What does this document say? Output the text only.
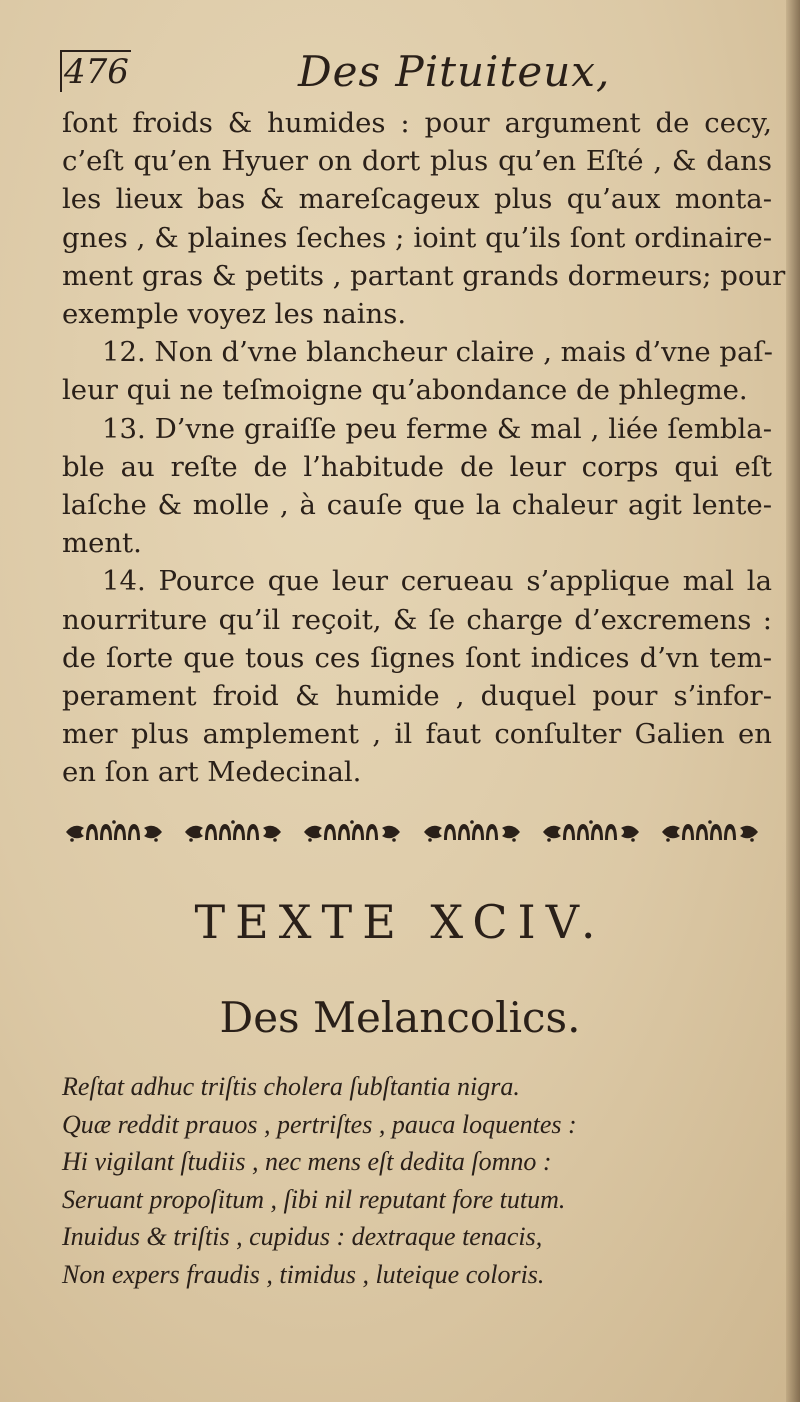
476	Des Pituiteux,
ſont froids & humides : pour argument de cecy,
c’eſt qu’en Hyuer on dort plus qu’en Eſté , & dans
les lieux bas & mareſcageux plus qu’aux monta-
gnes , & plaines ſeches ; ioint qu’ils ſont ordinaire-
ment gras & petits , partant grands dormeurs; pour
exemple voyez les nains.
12. Non d’vne blancheur claire , mais d’vne paſ-
leur qui ne teſmoigne qu’abondance de phlegme.
13. D’vne graiſſe peu ferme & mal , liée ſembla-
ble au reſte de l’habitude de leur corps qui eſt
laſche & molle , à cauſe que la chaleur agit lente-
ment.
14. Pource que leur cerueau s’applique mal la
nourriture qu’il reçoit, & ſe charge d’excremens :
de ſorte que tous ces ſignes ſont indices d’vn tem-
perament froid & humide , duquel pour s’infor-
mer plus amplement , il faut conſulter Galien en
en ſon art Medecinal.
TEXTE XCIV.
Des Melancolics.
Reſtat adhuc triſtis cholera ſubſtantia nigra.
Quæ reddit prauos , pertriſtes , pauca loquentes :
Hi vigilant ſtudiis , nec mens eſt dedita ſomno :
Seruant propoſitum , ſibi nil reputant fore tutum.
Inuidus & triſtis , cupidus : dextraque tenacis,
Non expers fraudis , timidus , luteique coloris.
